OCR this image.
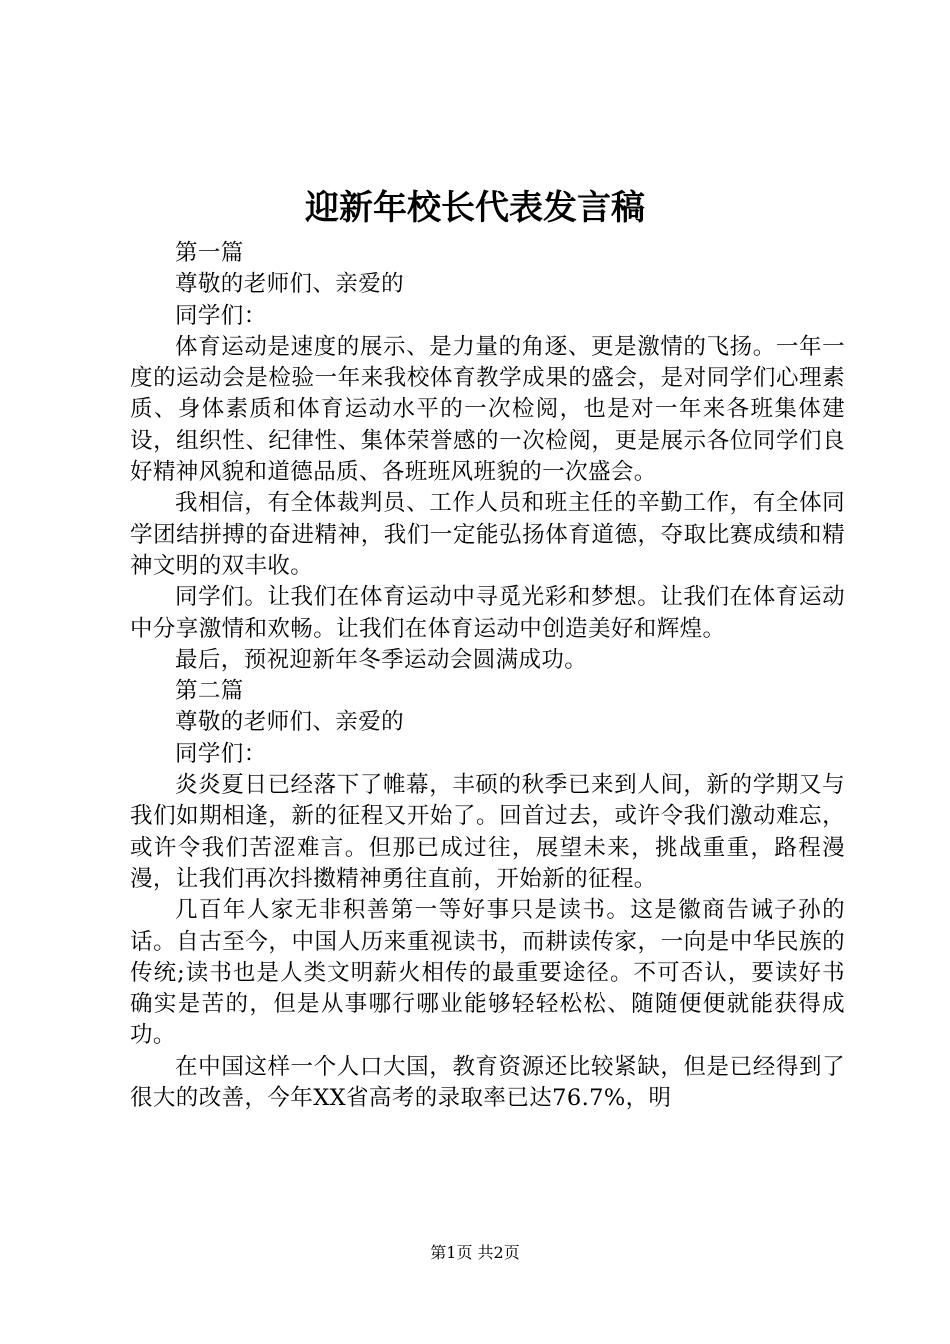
迎新年校长代表发言稿

第一篇

尊敬的老师们、亲爱的

同学们：

体育运动是速度的展示、是力量的角逐、更是激情的飞扬。一年一度的运动会是检验一年来我校体育教学成果的盛会，是对同学们心理素质、身体素质和体育运动水平的一次检阅，也是对一年来各班集体建设，组织性、纪律性、集体荣誉感的一次检阅，更是展示各位同学们良好精神风貌和道德品质、各班班风班貌的一次盛会。

我相信，有全体裁判员、工作人员和班主任的辛勤工作，有全体同学团结拼搏的奋进精神，我们一定能弘扬体育道德，夺取比赛成绩和精神文明的双丰收。

同学们。让我们在体育运动中寻觅光彩和梦想。让我们在体育运动中分享激情和欢畅。让我们在体育运动中创造美好和辉煌。

最后，预祝迎新年冬季运动会圆满成功。

第二篇

尊敬的老师们、亲爱的

同学们：

炎炎夏日已经落下了帷幕，丰硕的秋季已来到人间，新的学期又与我们如期相逢，新的征程又开始了。回首过去，或许令我们激动难忘，或许令我们苦涩难言。但那已成过往，展望未来，挑战重重，路程漫漫，让我们再次抖擞精神勇往直前，开始新的征程。

几百年人家无非积善第一等好事只是读书。这是徽商告诫子孙的话。自古至今，中国人历来重视读书，而耕读传家，一向是中华民族的传统;读书也是人类文明薪火相传的最重要途径。不可否认，要读好书确实是苦的，但是从事哪行哪业能够轻轻松松、随随便便就能获得成功。

在中国这样一个人口大国，教育资源还比较紧缺，但是已经得到了很大的改善，今年XX省高考的录取率已达76.7%，明

第1页 共2页
